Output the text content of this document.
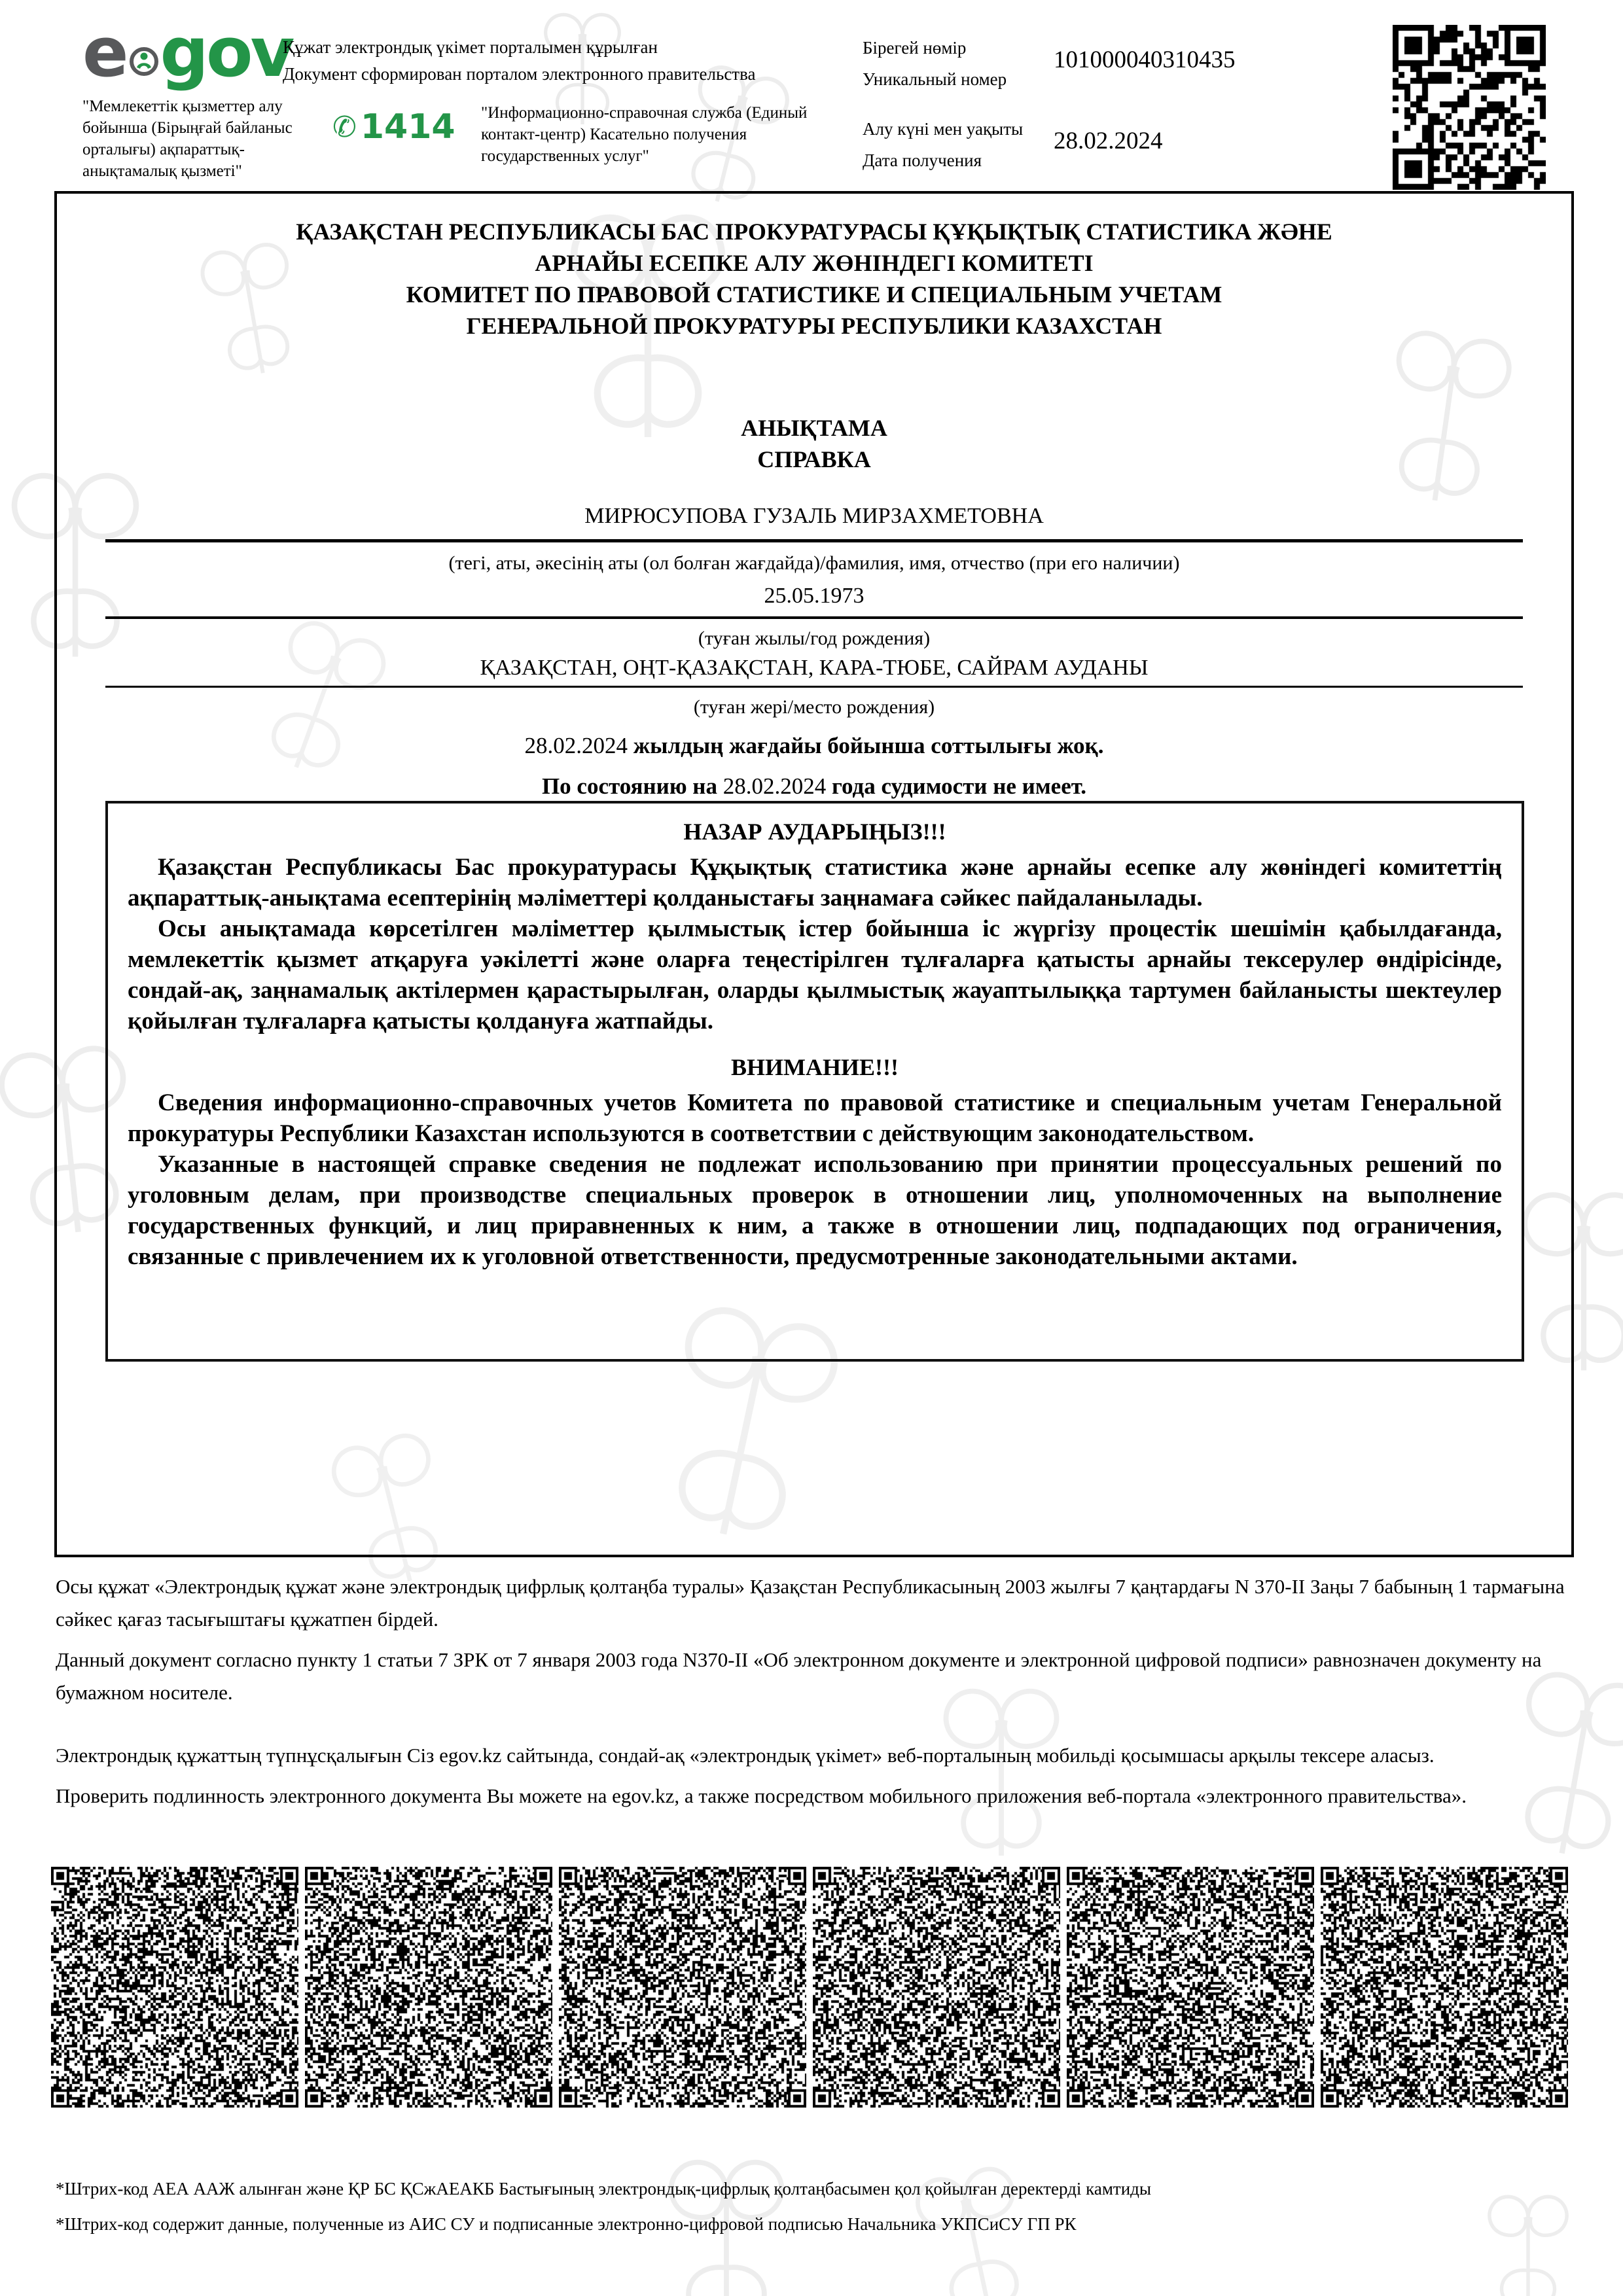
e gov
Құжат электрондық үкімет порталымен құрылған
Документ сформирован порталом электронного правительства
"Мемлекеттік қызметтер алу бойынша (Бірыңғай байланыс орталығы) ақпараттық-анықтамалық қызметі"
✆ 1414 "Информационно-справочная служба (Единый контакт-центр) Касательно получения государственных услуг"
Бірегей нөмір
Уникальный номер
101000040310435
Алу күні мен уақыты
Дата получения
28.02.2024
ҚАЗАҚСТАН РЕСПУБЛИКАСЫ БАС ПРОКУРАТУРАСЫ ҚҰҚЫҚТЫҚ СТАТИСТИКА ЖӘНЕ
АРНАЙЫ ЕСЕПКЕ АЛУ ЖӨНІНДЕГІ КОМИТЕТІ
КОМИТЕТ ПО ПРАВОВОЙ СТАТИСТИКЕ И СПЕЦИАЛЬНЫМ УЧЕТАМ
ГЕНЕРАЛЬНОЙ ПРОКУРАТУРЫ РЕСПУБЛИКИ КАЗАХСТАН
АНЫҚТАМА
СПРАВКА
МИРЮСУПОВА ГУЗАЛЬ МИРЗАХМЕТОВНА
(тегі, аты, әкесінің аты (ол болған жағдайда)/фамилия, имя, отчество (при его наличии)
25.05.1973
(туған жылы/год рождения)
ҚАЗАҚСТАН, ОҢТ-ҚАЗАҚСТАН, КАРА-ТЮБЕ, САЙРАМ АУДАНЫ
(туған жері/место рождения)
28.02.2024 жылдың жағдайы бойынша соттылығы жоқ.
По состоянию на 28.02.2024 года судимости не имеет.
НАЗАР АУДАРЫҢЫЗ!!!

Қазақстан Республикасы Бас прокуратурасы Құқықтық статистика және арнайы есепке алу жөніндегі комитеттің ақпараттық-анықтама есептерінің мәліметтері қолданыстағы заңнамаға сәйкес пайдаланылады.

Осы анықтамада көрсетілген мәліметтер қылмыстық істер бойынша іс жүргізу процестік шешімін қабылдағанда, мемлекеттік қызмет атқаруға уәкілетті және оларға теңестірілген тұлғаларға қатысты арнайы тексерулер өндірісінде, сондай-ақ, заңнамалық актілермен қарастырылған, оларды қылмыстық жауаптылыққа тартумен байланысты шектеулер қойылған тұлғаларға қатысты қолдануға жатпайды.

ВНИМАНИЕ!!!

Сведения информационно-справочных учетов Комитета по правовой статистике и специальным учетам Генеральной прокуратуры Республики Казахстан используются в соответствии с действующим законодательством.

Указанные в настоящей справке сведения не подлежат использованию при принятии процессуальных решений по уголовным делам, при производстве специальных проверок в отношении лиц, уполномоченных на выполнение государственных функций, и лиц приравненных к ним, а также в отношении лиц, подпадающих под ограничения, связанные с привлечением их к уголовной ответственности, предусмотренные законодательными актами.

Осы құжат «Электрондық құжат және электрондық цифрлық қолтаңба туралы» Қазақстан Республикасының 2003 жылғы 7 қаңтардағы N 370-II Заңы 7 бабының 1 тармағына сәйкес қағаз тасығыштағы құжатпен бірдей.

Данный документ согласно пункту 1 статьи 7 ЗРК от 7 января 2003 года N370-II «Об электронном документе и электронной цифровой подписи» равнозначен документу на бумажном носителе.

Электрондық құжаттың түпнұсқалығын Сіз egov.kz сайтында, сондай-ақ «электрондық үкімет» веб-порталының мобильді қосымшасы арқылы тексере аласыз.

Проверить подлинность электронного документа Вы можете на egov.kz, а также посредством мобильного приложения веб-портала «электронного правительства».

*Штрих-код АЕА ААЖ алынған және ҚР БС ҚСжАЕАКБ Бастығының электрондық-цифрлық қолтаңбасымен қол қойылған деректерді камтиды
*Штрих-код содержит данные, полученные из АИС СУ и подписанные электронно-цифровой подписью Начальника УКПСиСУ ГП РК
